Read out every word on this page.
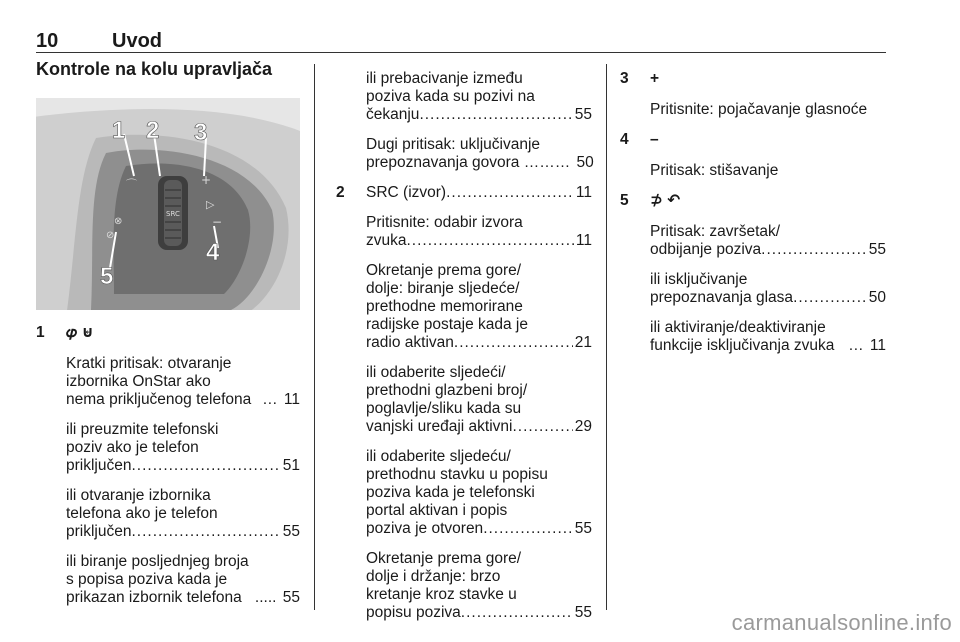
10	Uvod
Kontrole na kolu upravljača
SRC
⌒
⊗
⊘
+
▷
−
1 2 3
4
5
1	𝜑 ⊌
Kratki pritisak: otvaranje
izbornika OnStar ako
nema priključenog telefona … 11
ili preuzmite telefonski
poziv ako je telefon
priključen .....	51
ili otvaranje izbornika
telefona ako je telefon
priključen .....	55
ili biranje posljednjeg broja
s popisa poziva kada je
prikazan izbornik telefona ..... 55
ili prebacivanje između
poziva kada su pozivi na
čekanju .....	55
Dugi pritisak: uključivanje
prepoznavanja govora ……… 50
2	SRC (izvor) .....	11
Pritisnite: odabir izvora
zvuka .....	11
Okretanje prema gore/
dolje: biranje sljedeće/
prethodne memorirane
radijske postaje kada je
radio aktivan .....	21
ili odaberite sljedeći/
prethodni glazbeni broj/
poglavlje/sliku kada su
vanjski uređaji aktivni .....	29
ili odaberite sljedeću/
prethodnu stavku u popisu
poziva kada je telefonski
portal aktivan i popis
poziva je otvoren .....	55
Okretanje prema gore/
dolje i držanje: brzo
kretanje kroz stavke u
popisu poziva .....	55
3	+
Pritisnite: pojačavanje glasnoće
4	–
Pritisak: stišavanje
5	⊅ ↶
Pritisak: završetak/
odbijanje poziva .....	55
ili isključivanje
prepoznavanja glasa .....	50
ili aktiviranje/deaktiviranje
funkcije isključivanja zvuka … 11
carmanualsonline.info
